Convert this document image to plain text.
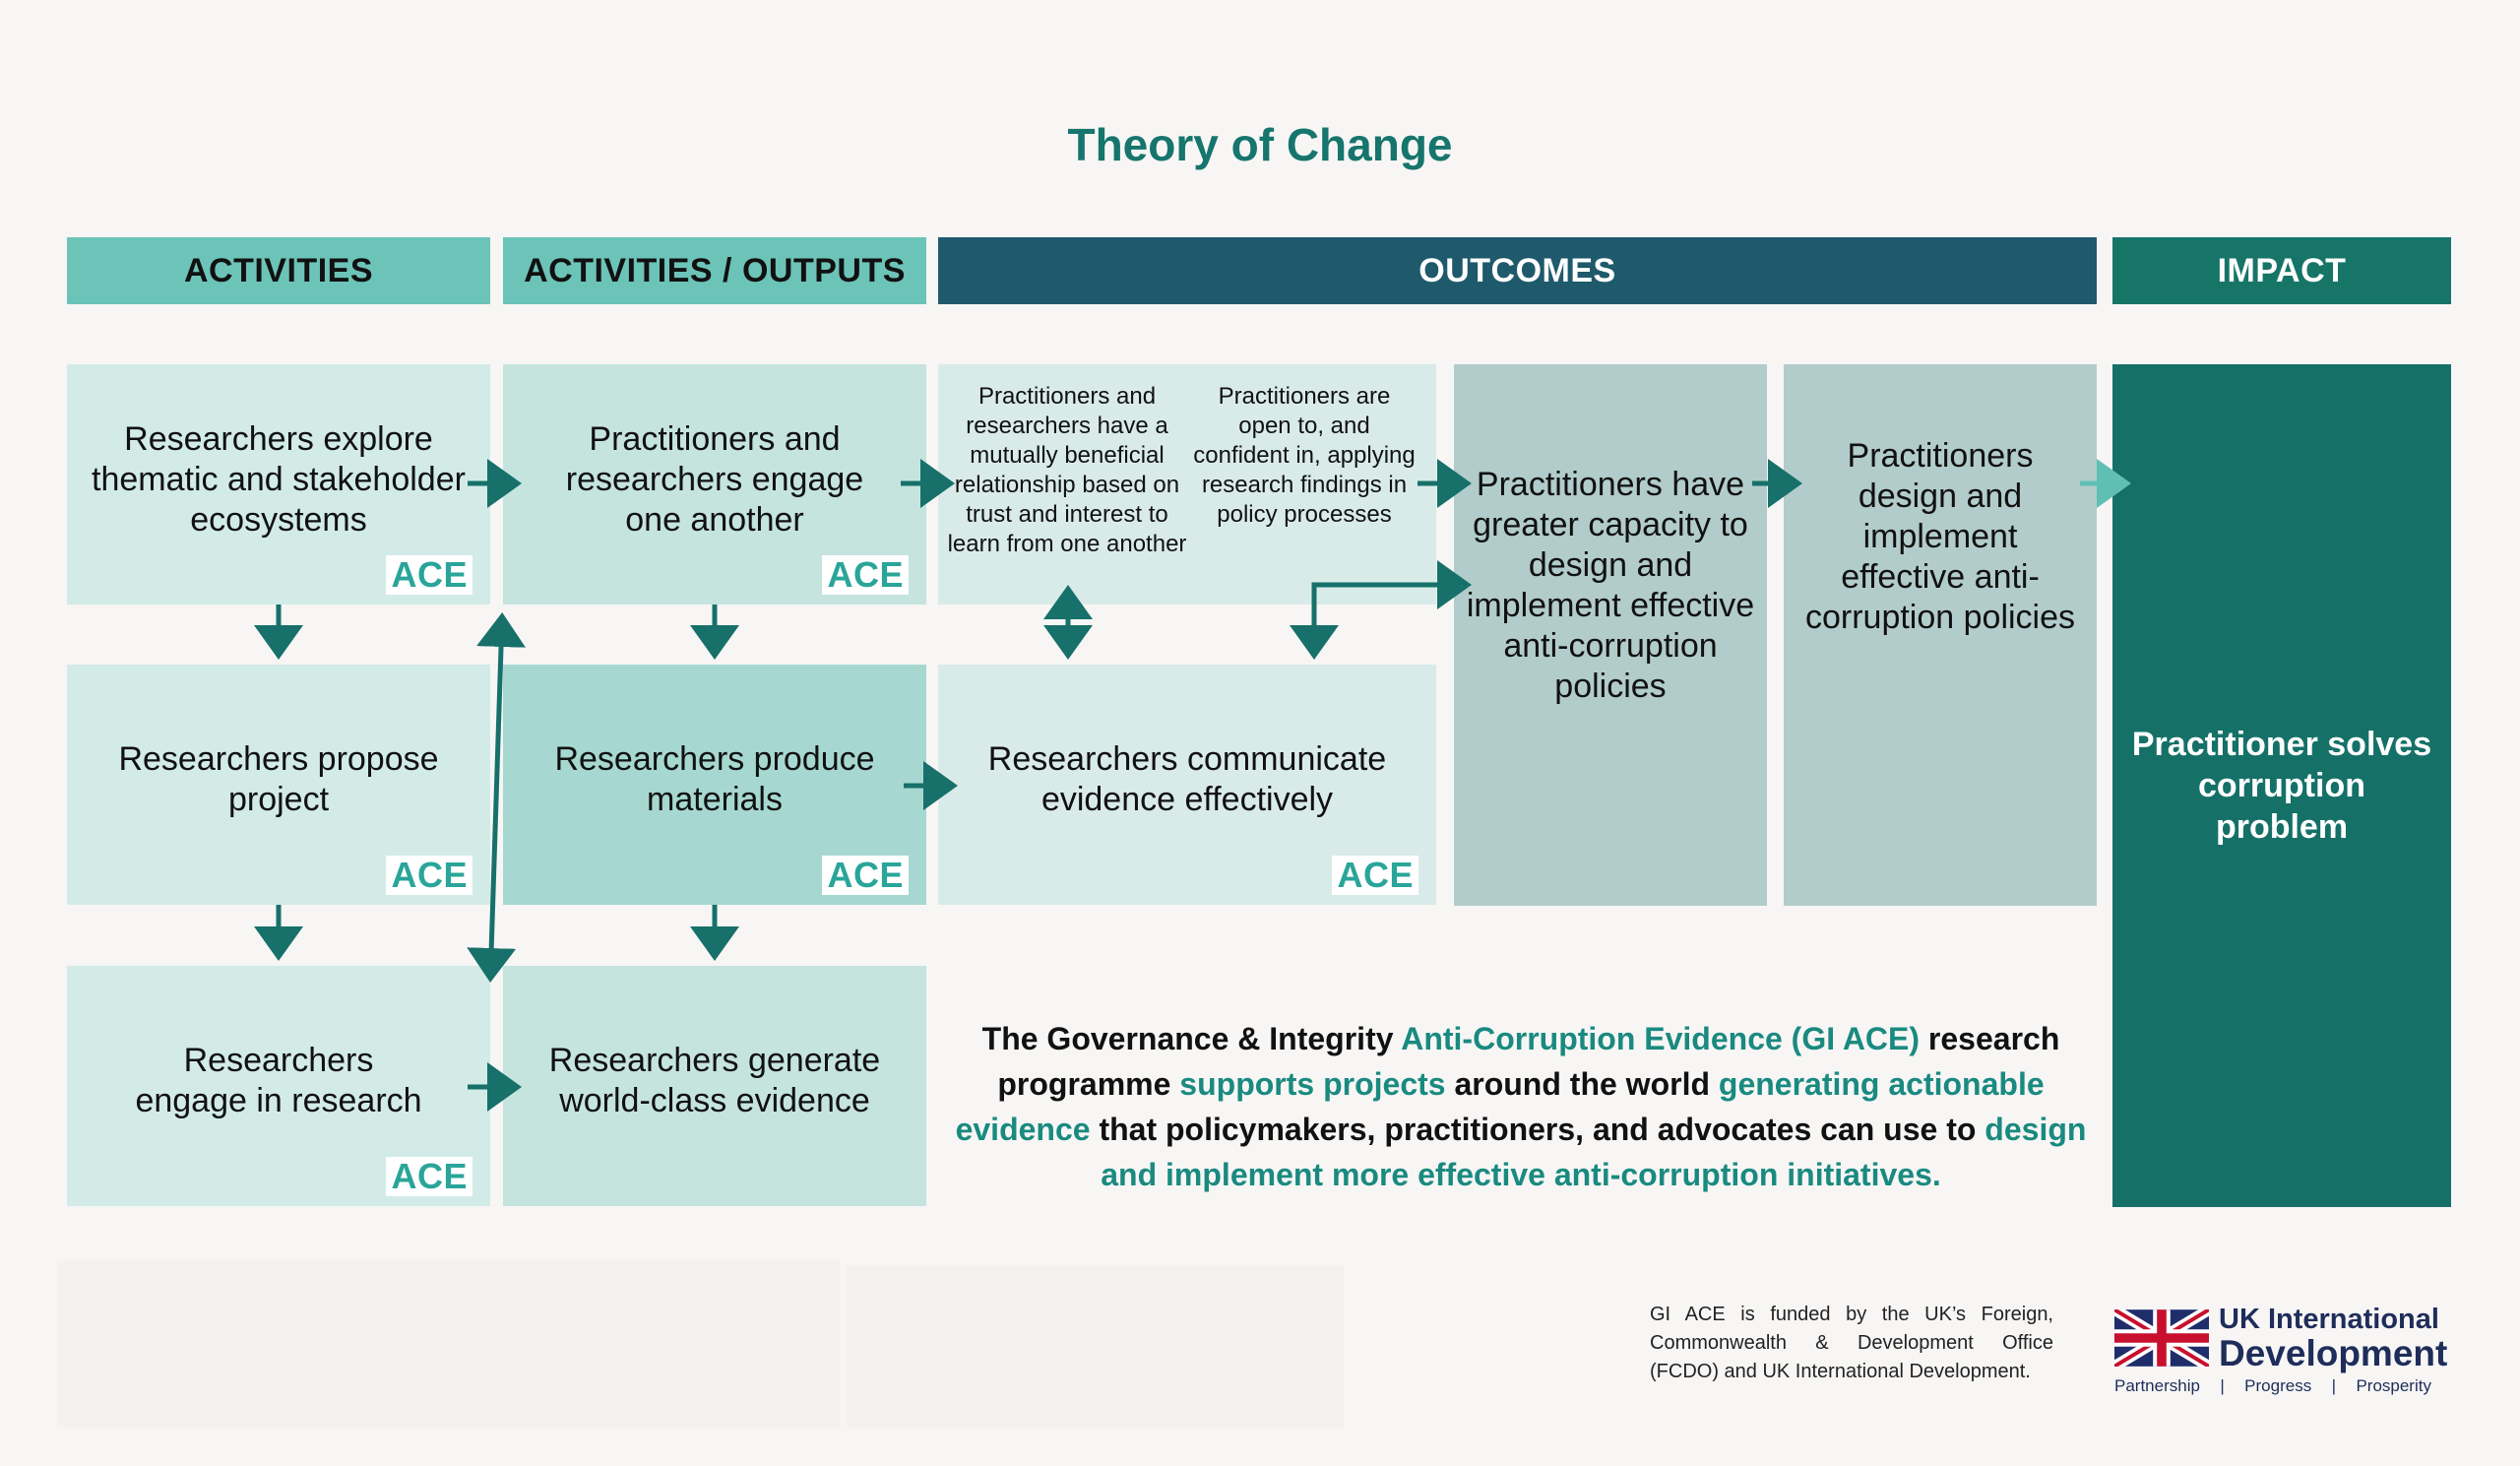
Theory of Change
ACTIVITIES	ACTIVITIES / OUTPUTS	OUTCOMES	IMPACT
Researchers explore thematic and stakeholder ecosystems
ACE
Practitioners and researchers engage one another
ACE
Practitioners and researchers have a mutually beneficial relationship based on trust and interest to learn from one another
Practitioners are open to, and confident in, applying research findings in policy processes
Practitioners have greater capacity to design and implement effective anti-corruption policies
Practitioners design and implement effective anti-corruption policies
Practitioner solves corruption problem
Researchers propose project
ACE
Researchers produce materials
ACE
Researchers communicate evidence effectively
ACE
Researchers engage in research
ACE
Researchers generate world-class evidence
The Governance & Integrity Anti-Corruption Evidence (GI ACE) research programme supports projects around the world generating actionable evidence that policymakers, practitioners, and advocates can use to design and implement more effective anti-corruption initiatives.
GI ACE is funded by the UK’s Foreign, Commonwealth & Development Office (FCDO) and UK International Development.
UK International
Development
Partnership | Progress | Prosperity
